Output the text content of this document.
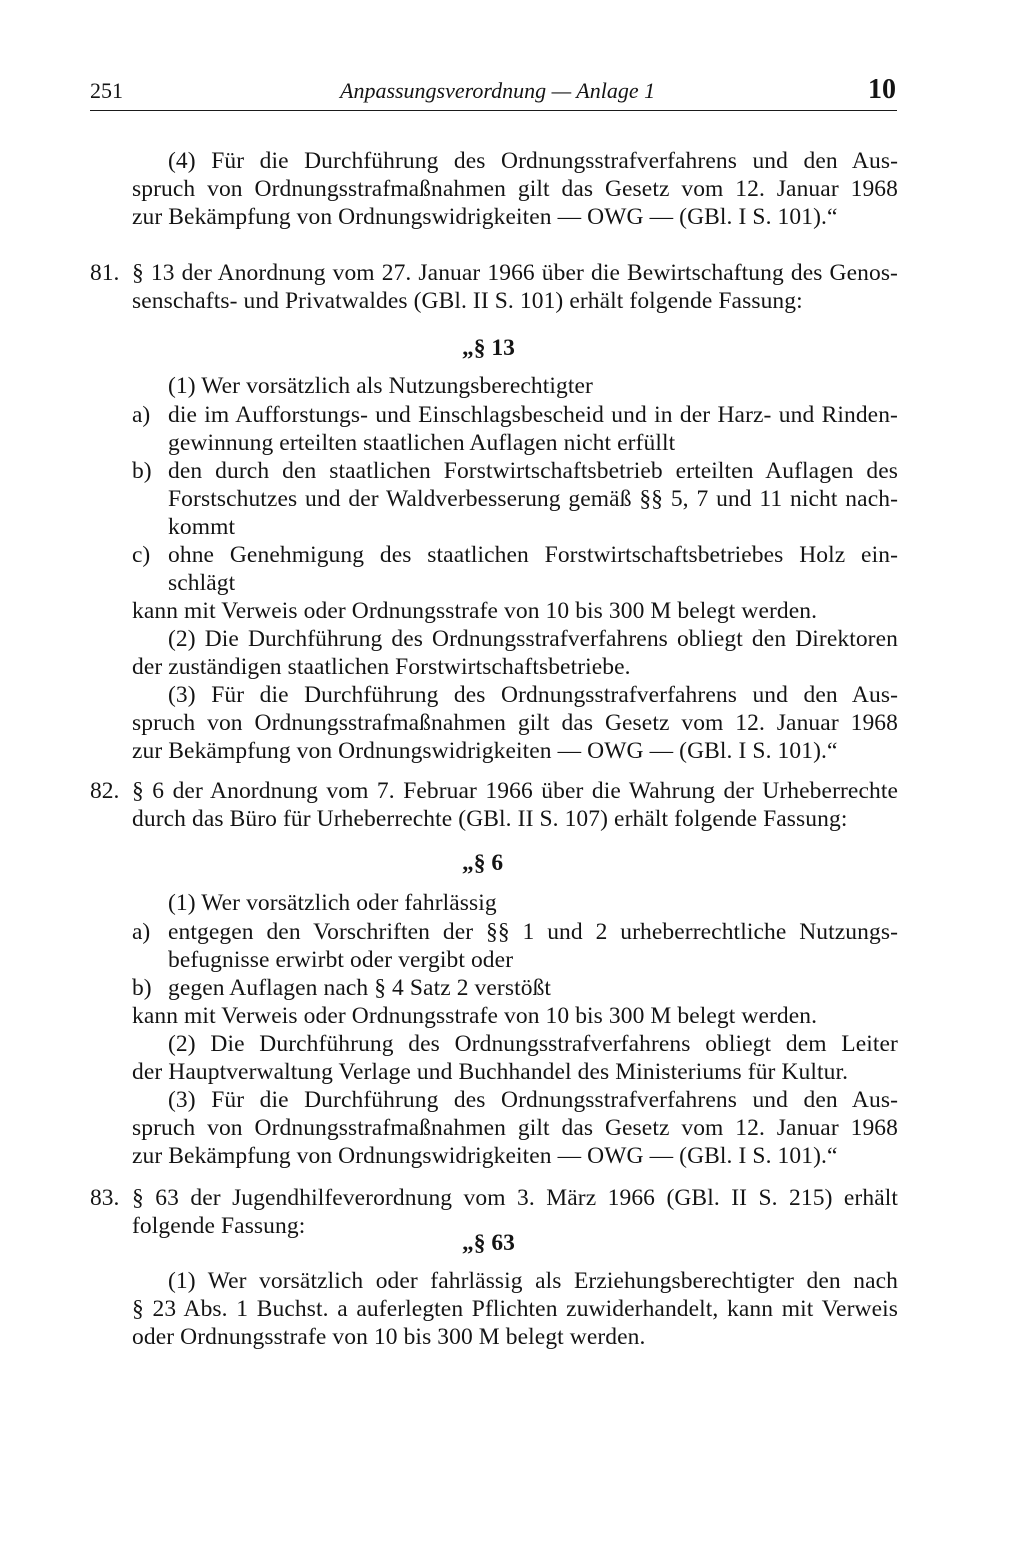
251	Anpassungsverordnung — Anlage 1	10
(4) Für die Durchführung des Ordnungsstrafverfahrens und den Aus-
spruch von Ordnungsstrafmaßnahmen gilt das Gesetz vom 12. Januar 1968
zur Bekämpfung von Ordnungswidrigkeiten — OWG — (GBl. I S. 101).“
81. § 13 der Anordnung vom 27. Januar 1966 über die Bewirtschaftung des Genos-
senschafts- und Privatwaldes (GBl. II S. 101) erhält folgende Fassung:
„§ 13
(1) Wer vorsätzlich als Nutzungsberechtigter
a) die im Aufforstungs- und Einschlagsbescheid und in der Harz- und Rinden-
gewinnung erteilten staatlichen Auflagen nicht erfüllt
b) den durch den staatlichen Forstwirtschaftsbetrieb erteilten Auflagen des
Forstschutzes und der Waldverbesserung gemäß §§ 5, 7 und 11 nicht nach-
kommt
c) ohne Genehmigung des staatlichen Forstwirtschaftsbetriebes Holz ein-
schlägt
kann mit Verweis oder Ordnungsstrafe von 10 bis 300 M belegt werden.
(2) Die Durchführung des Ordnungsstrafverfahrens obliegt den Direktoren
der zuständigen staatlichen Forstwirtschaftsbetriebe.
(3) Für die Durchführung des Ordnungsstrafverfahrens und den Aus-
spruch von Ordnungsstrafmaßnahmen gilt das Gesetz vom 12. Januar 1968
zur Bekämpfung von Ordnungswidrigkeiten — OWG — (GBl. I S. 101).“
82. § 6 der Anordnung vom 7. Februar 1966 über die Wahrung der Urheberrechte
durch das Büro für Urheberrechte (GBl. II S. 107) erhält folgende Fassung:
„§ 6
(1) Wer vorsätzlich oder fahrlässig
a) entgegen den Vorschriften der §§ 1 und 2 urheberrechtliche Nutzungs-
befugnisse erwirbt oder vergibt oder
b) gegen Auflagen nach § 4 Satz 2 verstößt
kann mit Verweis oder Ordnungsstrafe von 10 bis 300 M belegt werden.
(2) Die Durchführung des Ordnungsstrafverfahrens obliegt dem Leiter
der Hauptverwaltung Verlage und Buchhandel des Ministeriums für Kultur.
(3) Für die Durchführung des Ordnungsstrafverfahrens und den Aus-
spruch von Ordnungsstrafmaßnahmen gilt das Gesetz vom 12. Januar 1968
zur Bekämpfung von Ordnungswidrigkeiten — OWG — (GBl. I S. 101).“
83. § 63 der Jugendhilfeverordnung vom 3. März 1966 (GBl. II S. 215) erhält
folgende Fassung:
„§ 63
(1) Wer vorsätzlich oder fahrlässig als Erziehungsberechtigter den nach
§ 23 Abs. 1 Buchst. a auferlegten Pflichten zuwiderhandelt, kann mit Verweis
oder Ordnungsstrafe von 10 bis 300 M belegt werden.
